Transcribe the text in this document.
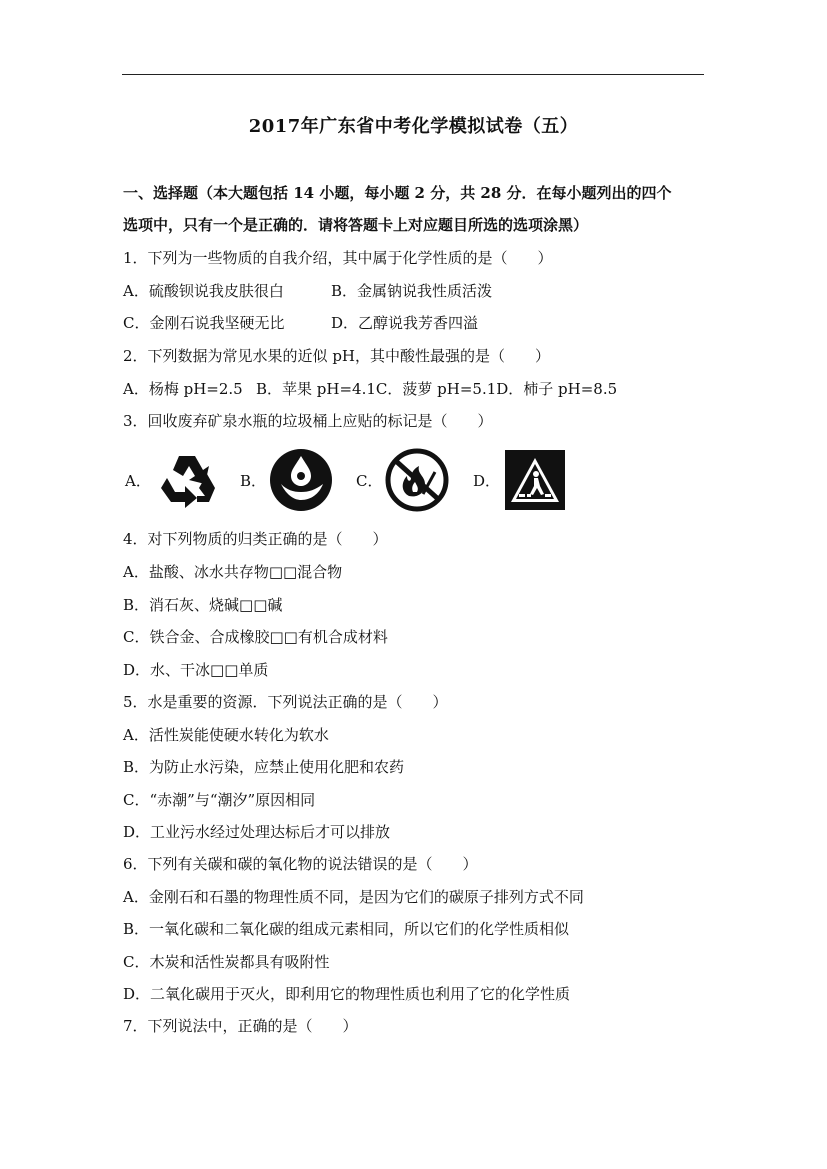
2017年广东省中考化学模拟试卷（五）
一、选择题（本大题包括 14 小题，每小题 2 分，共 28 分．在每小题列出的四个
选项中，只有一个是正确的．请将答题卡上对应题目所选的选项涂黑）
1．下列为一些物质的自我介绍，其中属于化学性质的是（　　）
A．硫酸钡说我皮肤很白	B．金属钠说我性质活泼
C．金刚石说我坚硬无比	D．乙醇说我芳香四溢
2．下列数据为常见水果的近似 pH，其中酸性最强的是（　　）
A．杨梅 pH=2.5 B．苹果 pH=4.1C．菠萝 pH=5.1D．柿子 pH=8.5
3．回收废弃矿泉水瓶的垃圾桶上应贴的标记是（　　）
A．	B．	C．	D．
4．对下列物质的归类正确的是（　　）
A．盐酸、冰水共存物□□混合物
B．消石灰、烧碱□□碱
C．铁合金、合成橡胶□□有机合成材料
D．水、干冰□□单质
5．水是重要的资源．下列说法正确的是（　　）
A．活性炭能使硬水转化为软水
B．为防止水污染，应禁止使用化肥和农药
C．“赤潮”与“潮汐”原因相同
D．工业污水经过处理达标后才可以排放
6．下列有关碳和碳的氧化物的说法错误的是（　　）
A．金刚石和石墨的物理性质不同，是因为它们的碳原子排列方式不同
B．一氧化碳和二氧化碳的组成元素相同，所以它们的化学性质相似
C．木炭和活性炭都具有吸附性
D．二氧化碳用于灭火，即利用它的物理性质也利用了它的化学性质
7．下列说法中，正确的是（　　）
